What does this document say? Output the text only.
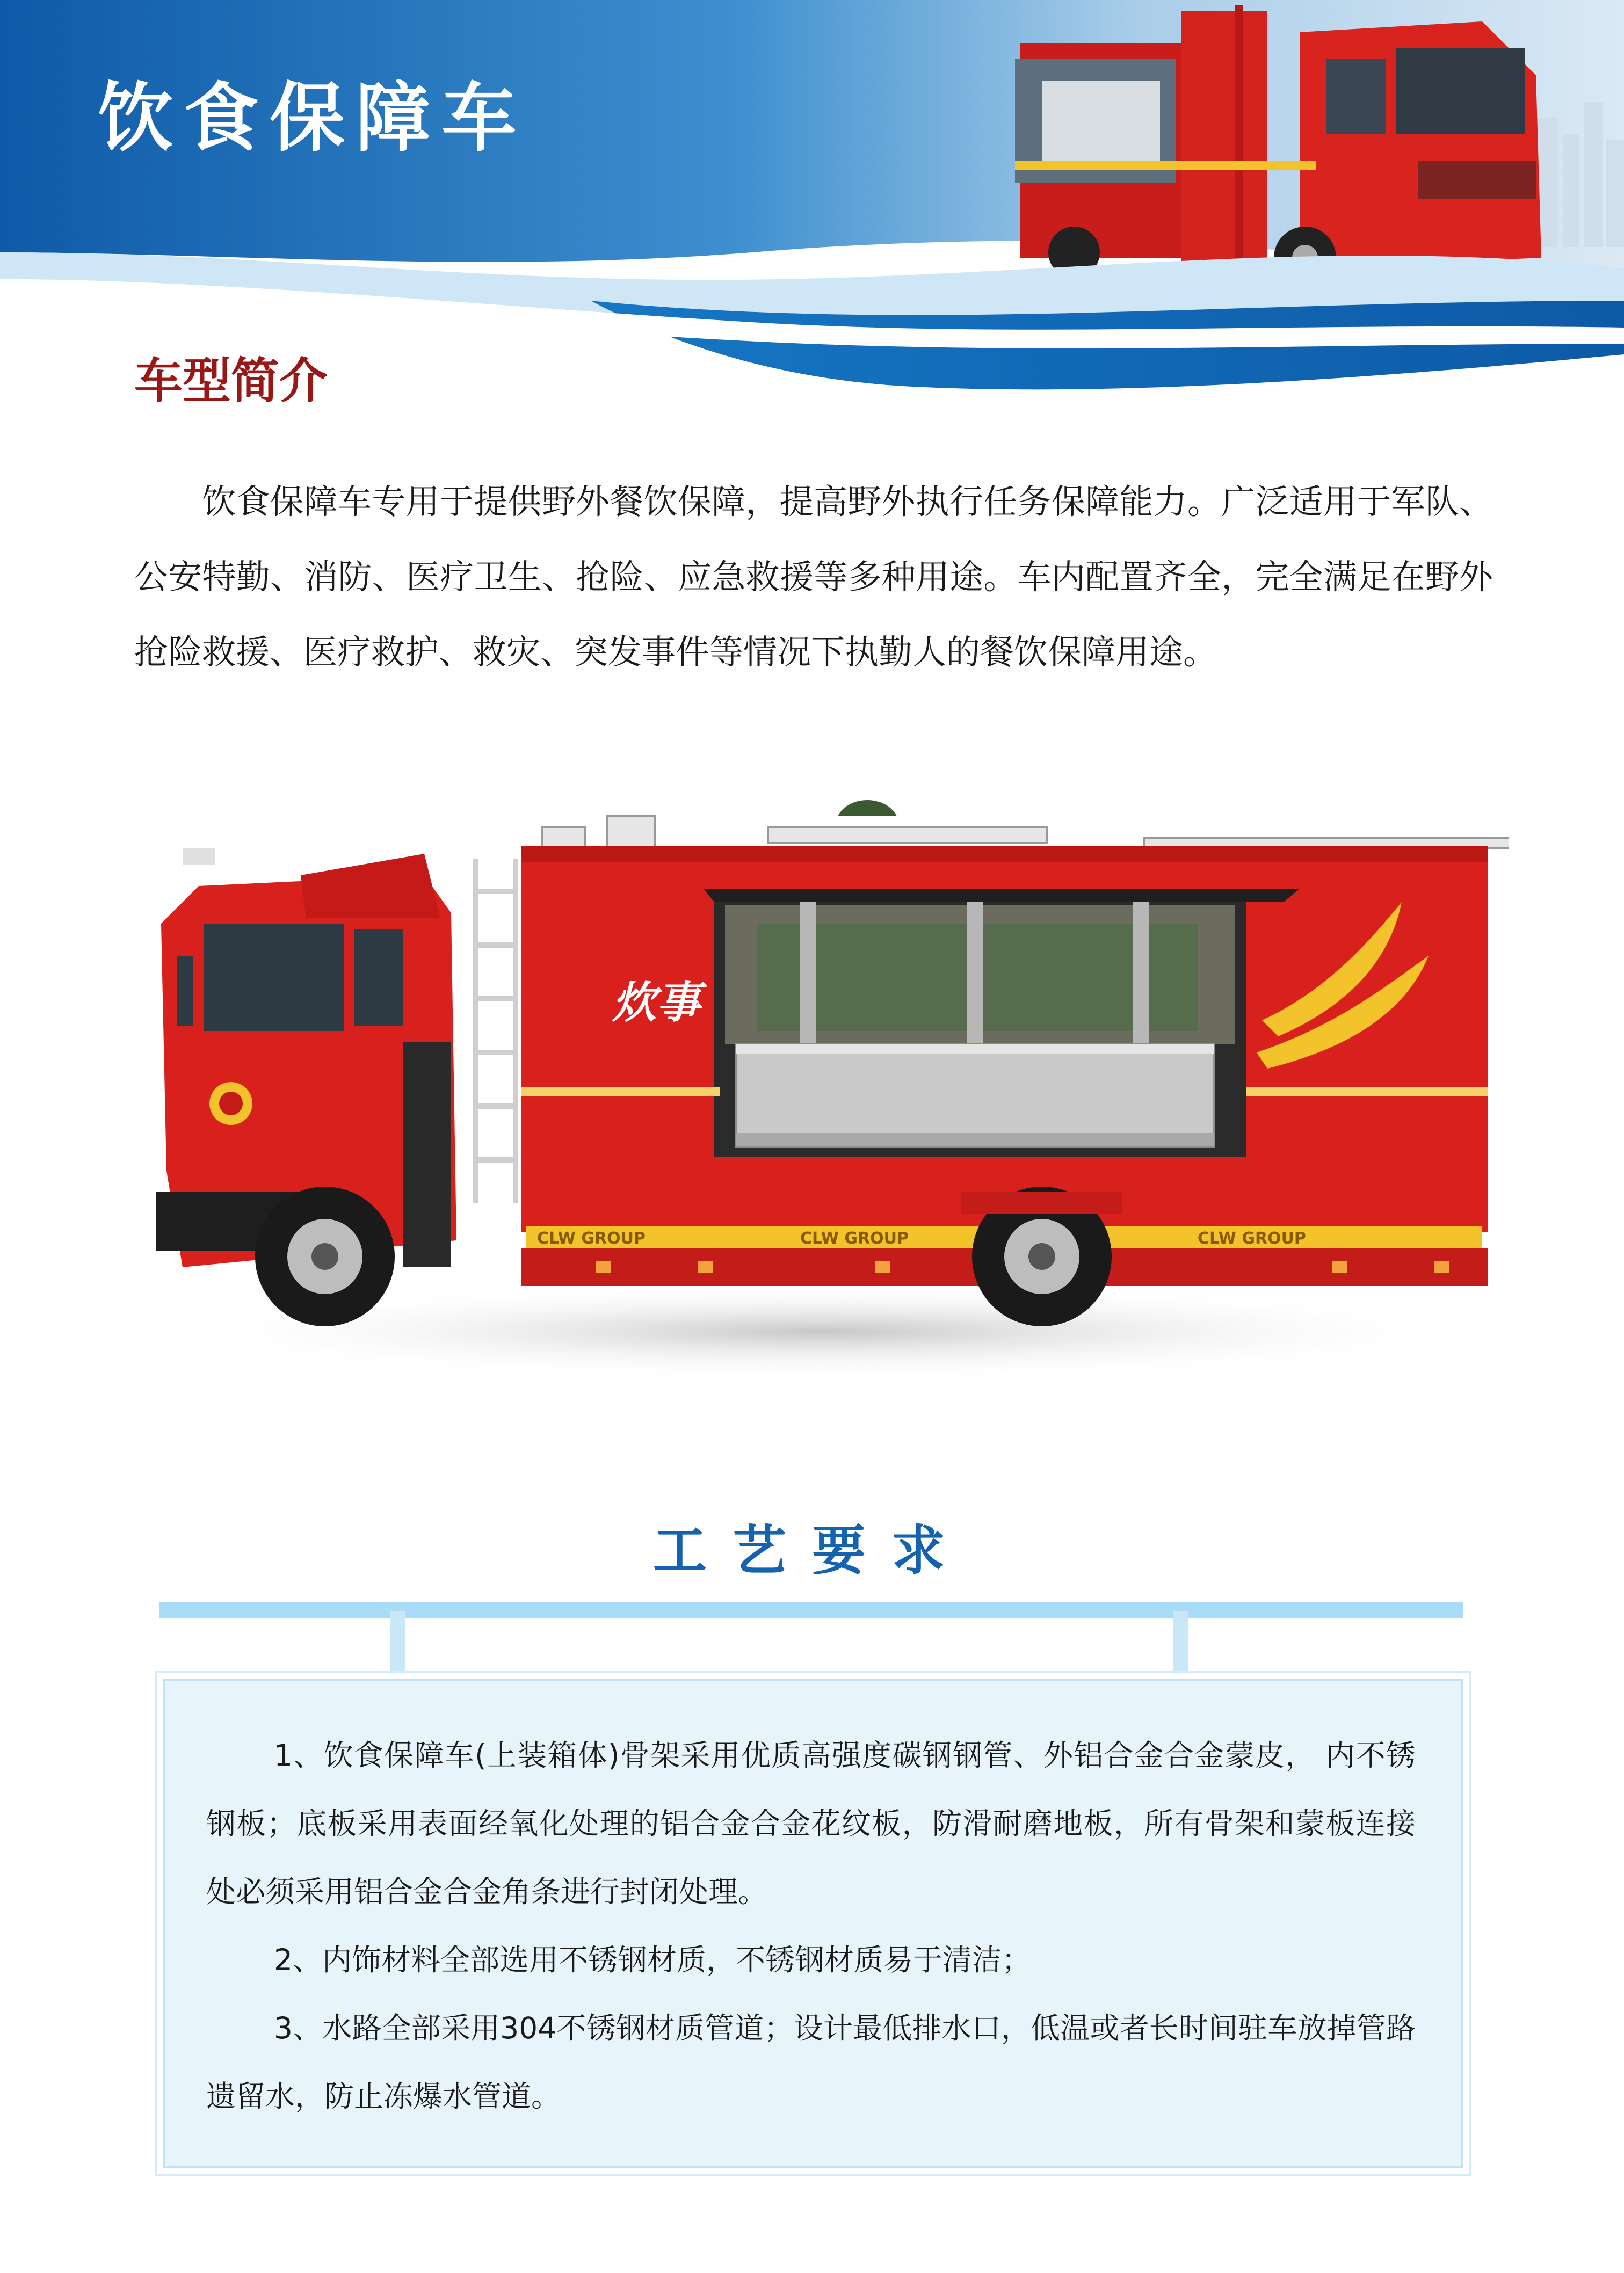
饮食保障车
车型简介

饮食保障车专用于提供野外餐饮保障，提高野外执行任务保障能力。广泛适用于军队、公安特勤、消防、医疗卫生、抢险、应急救援等多种用途。车内配置齐全，完全满足在野外抢险救援、医疗救护、救灾、突发事件等情况下执勤人的餐饮保障用途。

炊事
CLW GROUP	CLW GROUP	CLW GROUP
工艺要求

1、饮食保障车(上装箱体)骨架采用优质高强度碳钢钢管、外铝合金合金蒙皮， 内不锈钢板；底板采用表面经氧化处理的铝合金合金花纹板，防滑耐磨地板，所有骨架和蒙板连接处必须采用铝合金合金角条进行封闭处理。

2、内饰材料全部选用不锈钢材质，不锈钢材质易于清洁；

3、水路全部采用304不锈钢材质管道；设计最低排水口，低温或者长时间驻车放掉管路遗留水，防止冻爆水管道。
